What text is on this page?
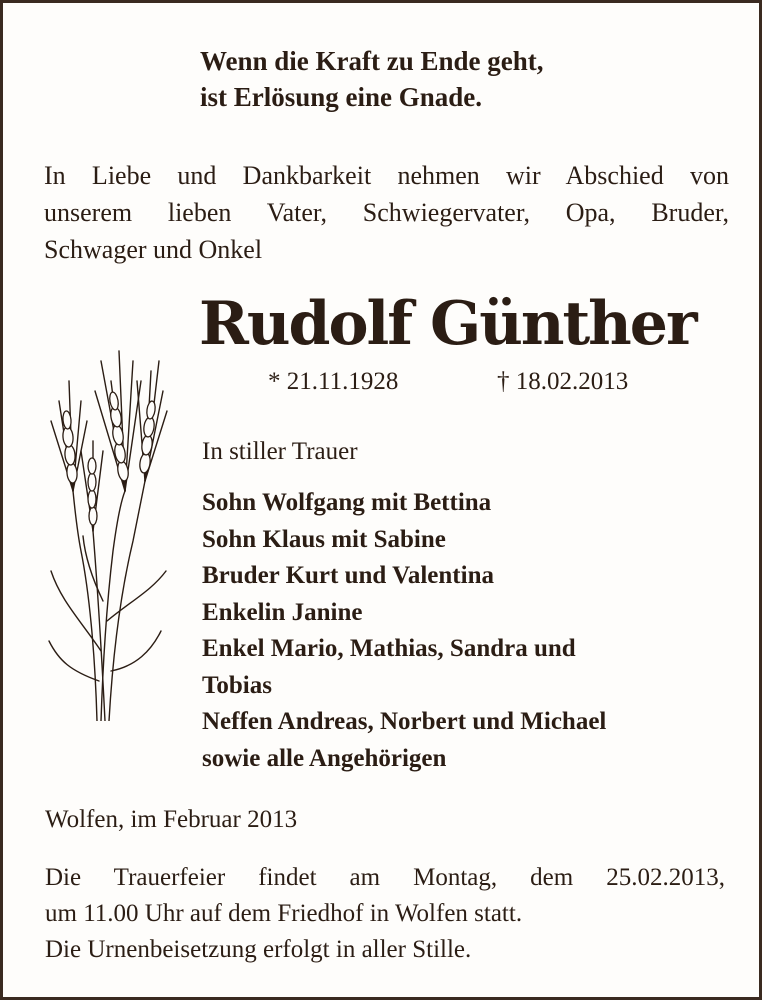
Wenn die Kraft zu Ende geht,
ist Erlösung eine Gnade.
In Liebe und Dankbarkeit nehmen wir Abschied von
unserem lieben Vater, Schwiegervater, Opa, Bruder,
Schwager und Onkel
Rudolf Günther
* 21.11.1928	† 18.02.2013
In stiller Trauer
Sohn Wolfgang mit Bettina
Sohn Klaus mit Sabine
Bruder Kurt und Valentina
Enkelin Janine
Enkel Mario, Mathias, Sandra und
Tobias
Neffen Andreas, Norbert und Michael
sowie alle Angehörigen
Wolfen, im Februar 2013
Die Trauerfeier findet am Montag, dem 25.02.2013,
um 11.00 Uhr auf dem Friedhof in Wolfen statt.
Die Urnenbeisetzung erfolgt in aller Stille.
